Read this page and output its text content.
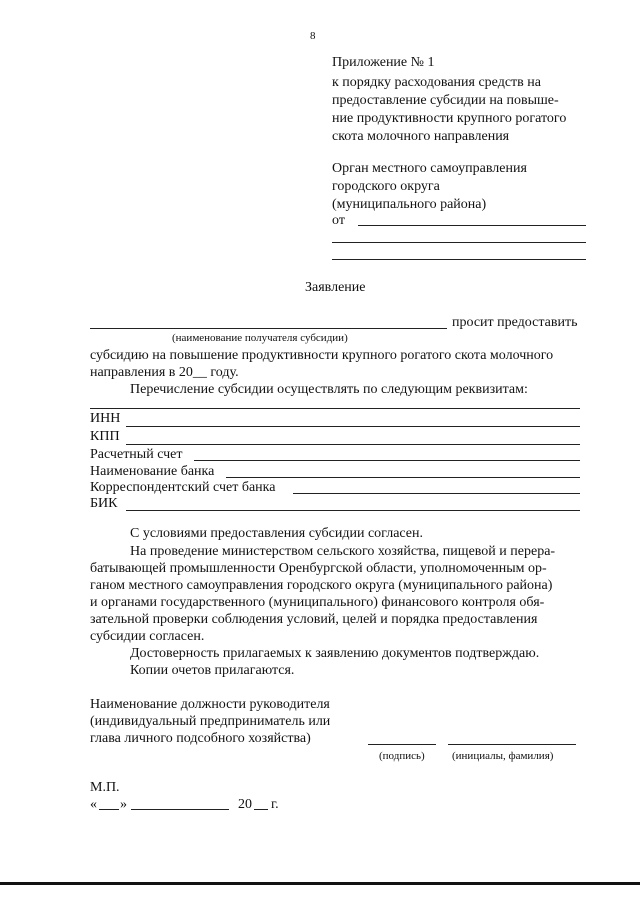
8
Приложение № 1
к порядку расходования средств на
предоставление субсидии на повыше-
ние продуктивности крупного рогатого
скота молочного направления
Орган местного самоуправления
городского округа
(муниципального района)
от
Заявление
просит предоставить
(наименование получателя субсидии)
субсидию на повышение продуктивности крупного рогатого скота молочного
направления в 20__ году.
Перечисление субсидии осуществлять по следующим реквизитам:
ИНН
КПП
Расчетный счет
Наименование банка
Корреспондентский счет банка
БИК
С условиями предоставления субсидии согласен.
На проведение министерством сельского хозяйства, пищевой и перера-
батывающей промышленности Оренбургской области, уполномоченным ор-
ганом местного самоуправления городского округа (муниципального района)
и органами государственного (муниципального) финансового контроля обя-
зательной проверки соблюдения условий, целей и порядка предоставления
субсидии согласен.
Достоверность прилагаемых к заявлению документов подтверждаю.
Копии очетов прилагаются.
Наименование должности руководителя
(индивидуальный предприниматель или
глава личного подсобного хозяйства)
(подпись) (инициалы, фамилия)
М.П.
« »	20 г.
